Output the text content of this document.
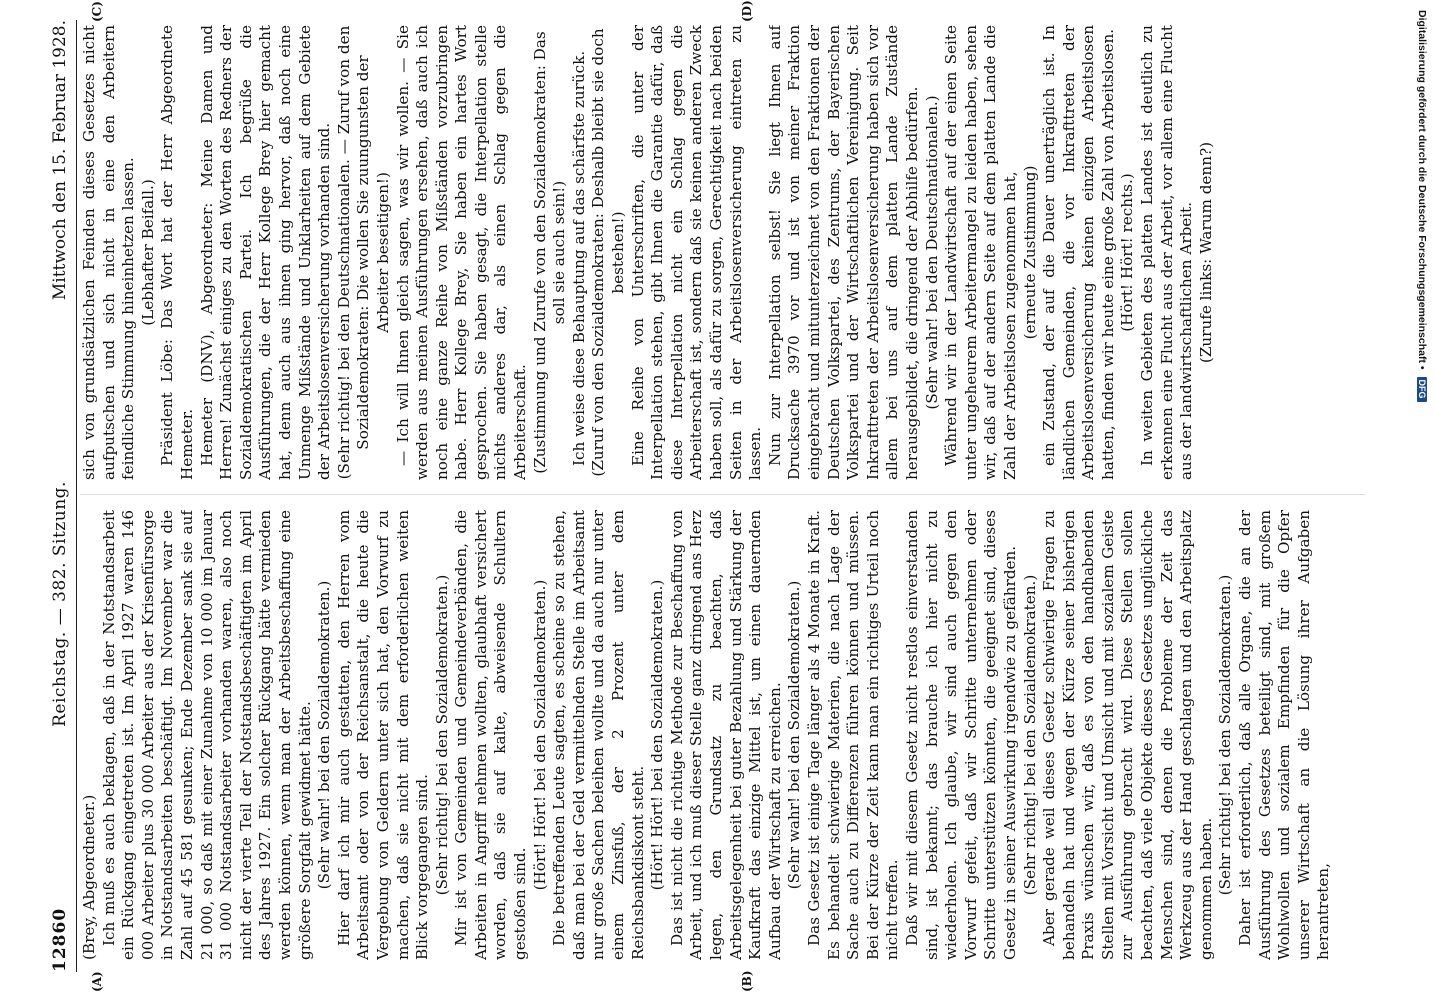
12860
Reichstag. — 382. Sitzung.
Mittwoch den 15. Februar 1928.
(A)	(B)
(C)	(D)

(Brey, Abgeordneter.) Ich muß es auch beklagen, daß in der Notstandsarbeit ein Rückgang eingetreten ist. Im April 1927 waren 146 000 Arbeiter plus 30 000 Arbeiter aus der Krisenfürsorge in Notstandsarbeiten beschäftigt. Im November war die Zahl auf 45 581 gesunken; Ende Dezember sank sie auf 21 000, so daß mit einer Zunahme von 10 000 im Januar 31 000 Notstandsarbeiter vorhanden waren, also noch nicht der vierte Teil der Notstandsbeschäftigten im April des Jahres 1927. Ein solcher Rückgang hätte vermieden werden können, wenn man der Arbeitsbeschaffung eine größere Sorgfalt gewidmet hätte. (Sehr wahr! bei den Sozialdemokraten.) Hier darf ich mir auch gestatten, den Herren vom Arbeitsamt oder von der Reichsanstalt, die heute die Vergebung von Geldern unter sich hat, den Vorwurf zu machen, daß sie nicht mit dem erforderlichen weiten Blick vorgegangen sind. (Sehr richtig! bei den Sozialdemokraten.) Mir ist von Gemeinden und Gemeindeverbänden, die Arbeiten in Angriff nehmen wollten, glaubhaft versichert worden, daß sie auf kalte, abweisende Schultern gestoßen sind.

(Hört! Hört! bei den Sozialdemokraten.) Die betreffenden Leute sagten, es scheine so zu stehen, daß man bei der Geld vermittelnden Stelle im Arbeitsamt nur große Sachen beleihen wollte und da auch nur unter einem Zinsfuß, der 2 Prozent unter dem Reichsbankdiskont steht. (Hört! Hört! bei den Sozialdemokraten.) Das ist nicht die richtige Methode zur Beschaffung von Arbeit, und ich muß dieser Stelle ganz dringend ans Herz legen, den Grundsatz zu beachten, daß Arbeitsgelegenheit bei guter Bezahlung und Stärkung der Kaufkraft das einzige Mittel ist, um einen dauernden Aufbau der Wirtschaft zu erreichen. (Sehr wahr! bei den Sozialdemokraten.) Das Gesetz ist einige Tage länger als 4 Monate in Kraft. Es behandelt schwierige Materien, die nach Lage der Sache auch zu Differenzen führen können und müssen. Bei der Kürze der Zeit kann man ein richtiges Urteil noch nicht treffen. Daß wir mit diesem Gesetz nicht restlos einverstanden sind, ist bekannt; das brauche ich hier nicht zu wiederholen. Ich glaube, wir sind auch gegen den Vorwurf gefeit, daß wir Schritte unternehmen oder Schritte unterstützen könnten, die geeignet sind, dieses Gesetz in seiner Auswirkung irgendwie zu gefährden. (Sehr richtig! bei den Sozialdemokraten.) Aber gerade weil dieses Gesetz schwierige Fragen zu behandeln hat und wegen der Kürze seiner bisherigen Praxis wünschen wir, daß es von den handhabenden Stellen mit Vorsicht und Umsicht und mit sozialem Geiste zur Ausführung gebracht wird. Diese Stellen sollen beachten, daß viele Objekte dieses Gesetzes unglückliche Menschen sind, denen die Probleme der Zeit das Werkzeug aus der Hand geschlagen und den Arbeitsplatz genommen haben. (Sehr richtig! bei den Sozialdemokraten.) Daher ist erforderlich, daß alle Organe, die an der Ausführung des Gesetzes beteiligt sind, mit großem Wohlwollen und sozialem Empfinden für die Opfer unserer Wirtschaft an die Lösung ihrer Aufgaben herantreten,

sich von grundsätzlichen Feinden dieses Gesetzes nicht aufputschen und sich nicht in eine den Arbeitern feindliche Stimmung hineinhetzen lassen. (Lebhafter Beifall.) Präsident Löbe: Das Wort hat der Herr Abgeordnete Hemeter. Hemeter (DNV), Abgeordneter: Meine Damen und Herren! Zunächst einiges zu den Worten des Redners der Sozialdemokratischen Partei. Ich begrüße die Ausführungen, die der Herr Kollege Brey hier gemacht hat, denn auch aus ihnen ging hervor, daß noch eine Unmenge Mißstände und Unklarheiten auf dem Gebiete der Arbeitslosenversicherung vorhanden sind. (Sehr richtig! bei den Deutschnationalen. — Zuruf von den Sozialdemokraten: Die wollen Sie zuungunsten der Arbeiter beseitigen!) — Ich will Ihnen gleich sagen, was wir wollen. — Sie werden aus meinen Ausführungen ersehen, daß auch ich noch eine ganze Reihe von Mißständen vorzubringen habe. Herr Kollege Brey, Sie haben ein hartes Wort gesprochen. Sie haben gesagt, die Interpellation stelle nichts anderes dar, als einen Schlag gegen die Arbeiterschaft. (Zustimmung und Zurufe von den Sozialdemokraten: Das soll sie auch sein!) Ich weise diese Behauptung auf das schärfste zurück. (Zuruf von den Sozialdemokraten: Deshalb bleibt sie doch bestehen!) Eine Reihe von Unterschriften, die unter der Interpellation stehen, gibt Ihnen die Garantie dafür, daß diese Interpellation nicht ein Schlag gegen die Arbeiterschaft ist, sondern daß sie keinen anderen Zweck haben soll, als dafür zu sorgen, Gerechtigkeit nach beiden Seiten in der Arbeitslosenversicherung eintreten zu lassen. Nun zur Interpellation selbst! Sie liegt Ihnen auf Drucksache 3970 vor und ist von meiner Fraktion eingebracht und mitunterzeichnet von den Fraktionen der Deutschen Volkspartei, des Zentrums, der Bayerischen Volkspartei und der Wirtschaftlichen Vereinigung. Seit Inkrafttreten der Arbeitslosenversicherung haben sich vor allem bei uns auf dem platten Lande Zustände herausgebildet, die dringend der Abhilfe bedürfen. (Sehr wahr! bei den Deutschnationalen.) Während wir in der Landwirtschaft auf der einen Seite unter ungeheurem Arbeitermangel zu leiden haben, sehen wir, daß auf der andern Seite auf dem platten Lande die Zahl der Arbeitslosen zugenommen hat, (erneute Zustimmung) ein Zustand, der auf die Dauer unerträglich ist. In ländlichen Gemeinden, die vor Inkrafttreten der Arbeitslosenversicherung keinen einzigen Arbeitslosen hatten, finden wir heute eine große Zahl von Arbeitslosen. (Hört! Hört! rechts.) In weiten Gebieten des platten Landes ist deutlich zu erkennen eine Flucht aus der Arbeit, vor allem eine Flucht aus der landwirtschaftlichen Arbeit. (Zurufe links: Warum denn?)	Digitalisierung gefördert durch die Deutsche Forschungsgemeinschaft • DFG
